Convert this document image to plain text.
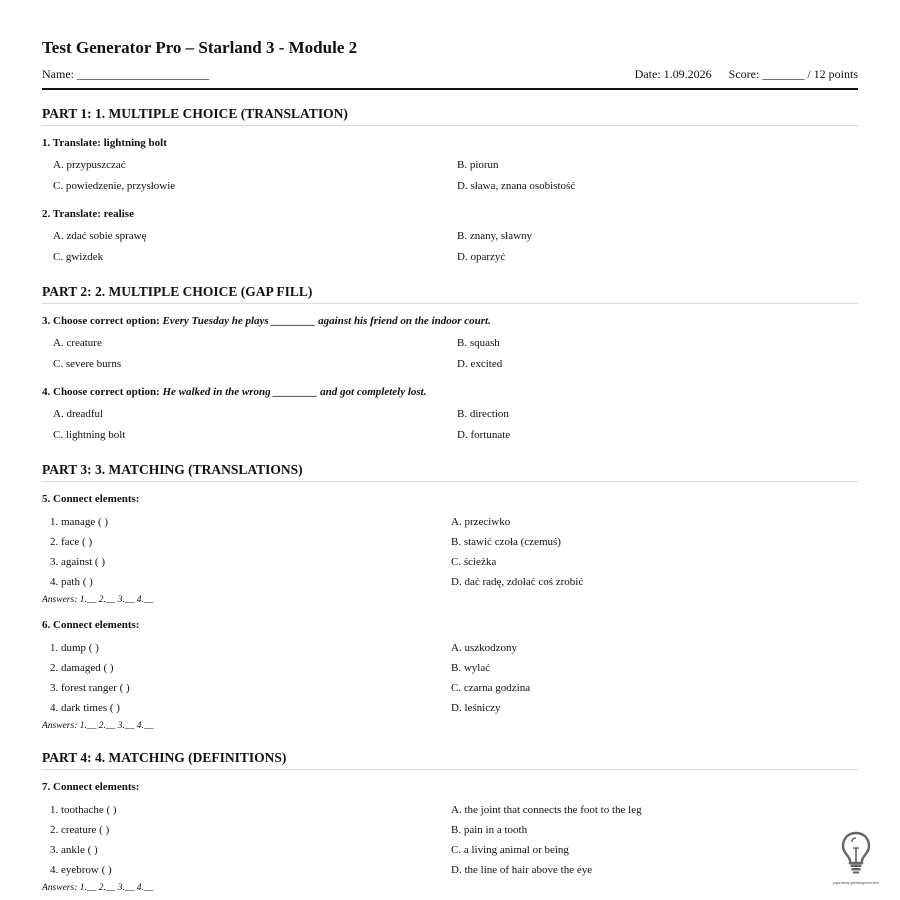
Test Generator Pro – Starland 3 - Module 2
Name: ______________________	Date: 1.09.2026 Score: _______ / 12 points
PART 1: 1. MULTIPLE CHOICE (TRANSLATION)
1. Translate: lightning bolt
A. przypuszczać	B. piorun
C. powiedzenie, przysłowie	D. sława, znana osobistość
2. Translate: realise
A. zdać sobie sprawę	B. znany, sławny
C. gwizdek	D. oparzyć
PART 2: 2. MULTIPLE CHOICE (GAP FILL)
3. Choose correct option: Every Tuesday he plays ________ against his friend on the indoor court.
A. creature	B. squash
C. severe burns	D. excited
4. Choose correct option: He walked in the wrong ________ and got completely lost.
A. dreadful	B. direction
C. lightning bolt	D. fortunate
PART 3: 3. MATCHING (TRANSLATIONS)
5. Connect elements:
1. manage ( )	A. przeciwko
2. face ( )	B. stawić czoła (czemuś)
3. against ( )	C. ścieżka
4. path ( )	D. dać radę, zdołać coś zrobić
Answers: 1.__ 2.__ 3.__ 4.__
6. Connect elements:
1. dump ( )	A. uszkodzony
2. damaged ( )	B. wylać
3. forest ranger ( )	C. czarna godzina
4. dark times ( )	D. leśniczy
Answers: 1.__ 2.__ 3.__ 4.__
PART 4: 4. MATCHING (DEFINITIONS)
7. Connect elements:
1. toothache ( )	A. the joint that connects the foot to the leg
2. creature ( )	B. pain in a tooth
3. ankle ( )	C. a living animal or being
4. eyebrow ( )	D. the line of hair above the eye
Answers: 1.__ 2.__ 3.__ 4.__
paprotnangielskigrzechem
